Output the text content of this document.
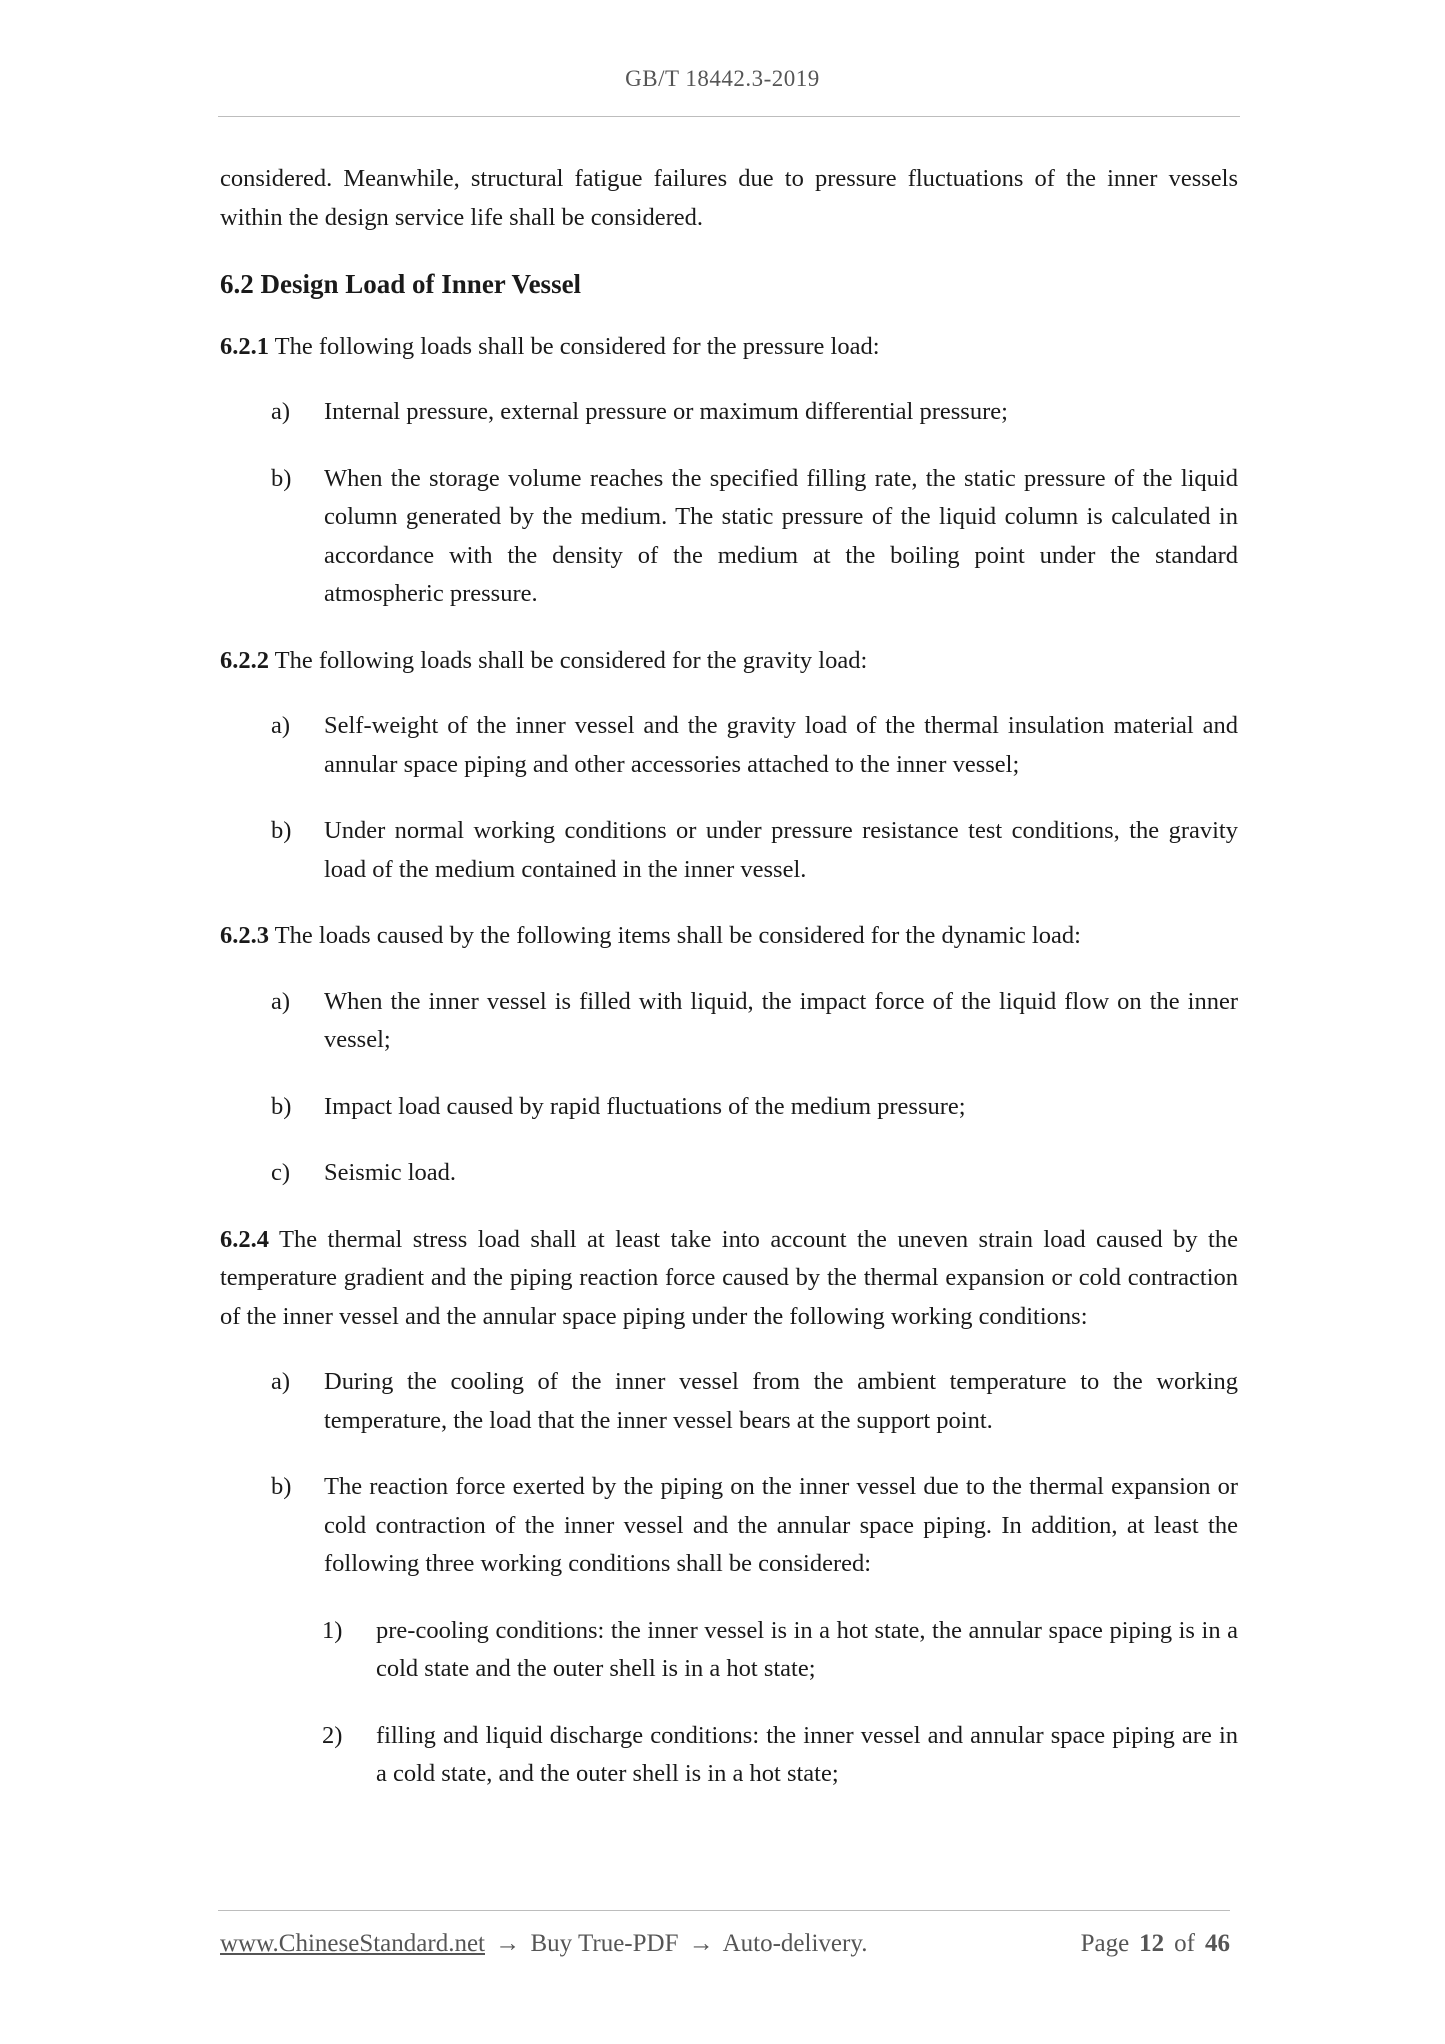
GB/T 18442.3-2019

considered. Meanwhile, structural fatigue failures due to pressure fluctuations of the inner vessels within the design service life shall be considered.

6.2 Design Load of Inner Vessel

6.2.1 The following loads shall be considered for the pressure load:

a) Internal pressure, external pressure or maximum differential pressure;

b) When the storage volume reaches the specified filling rate, the static pressure of the liquid column generated by the medium. The static pressure of the liquid column is calculated in accordance with the density of the medium at the boiling point under the standard atmospheric pressure.

6.2.2 The following loads shall be considered for the gravity load:

a) Self-weight of the inner vessel and the gravity load of the thermal insulation material and annular space piping and other accessories attached to the inner vessel;

b) Under normal working conditions or under pressure resistance test conditions, the gravity load of the medium contained in the inner vessel.

6.2.3 The loads caused by the following items shall be considered for the dynamic load:

a) When the inner vessel is filled with liquid, the impact force of the liquid flow on the inner vessel;

b) Impact load caused by rapid fluctuations of the medium pressure;

c) Seismic load.

6.2.4 The thermal stress load shall at least take into account the uneven strain load caused by the temperature gradient and the piping reaction force caused by the thermal expansion or cold contraction of the inner vessel and the annular space piping under the following working conditions:

a) During the cooling of the inner vessel from the ambient temperature to the working temperature, the load that the inner vessel bears at the support point.

b) The reaction force exerted by the piping on the inner vessel due to the thermal expansion or cold contraction of the inner vessel and the annular space piping. In addition, at least the following three working conditions shall be considered:

1) pre-cooling conditions: the inner vessel is in a hot state, the annular space piping is in a cold state and the outer shell is in a hot state;

2) filling and liquid discharge conditions: the inner vessel and annular space piping are in a cold state, and the outer shell is in a hot state;

www.ChineseStandard.net → Buy True-PDF → Auto-delivery.	Page 12 of 46
